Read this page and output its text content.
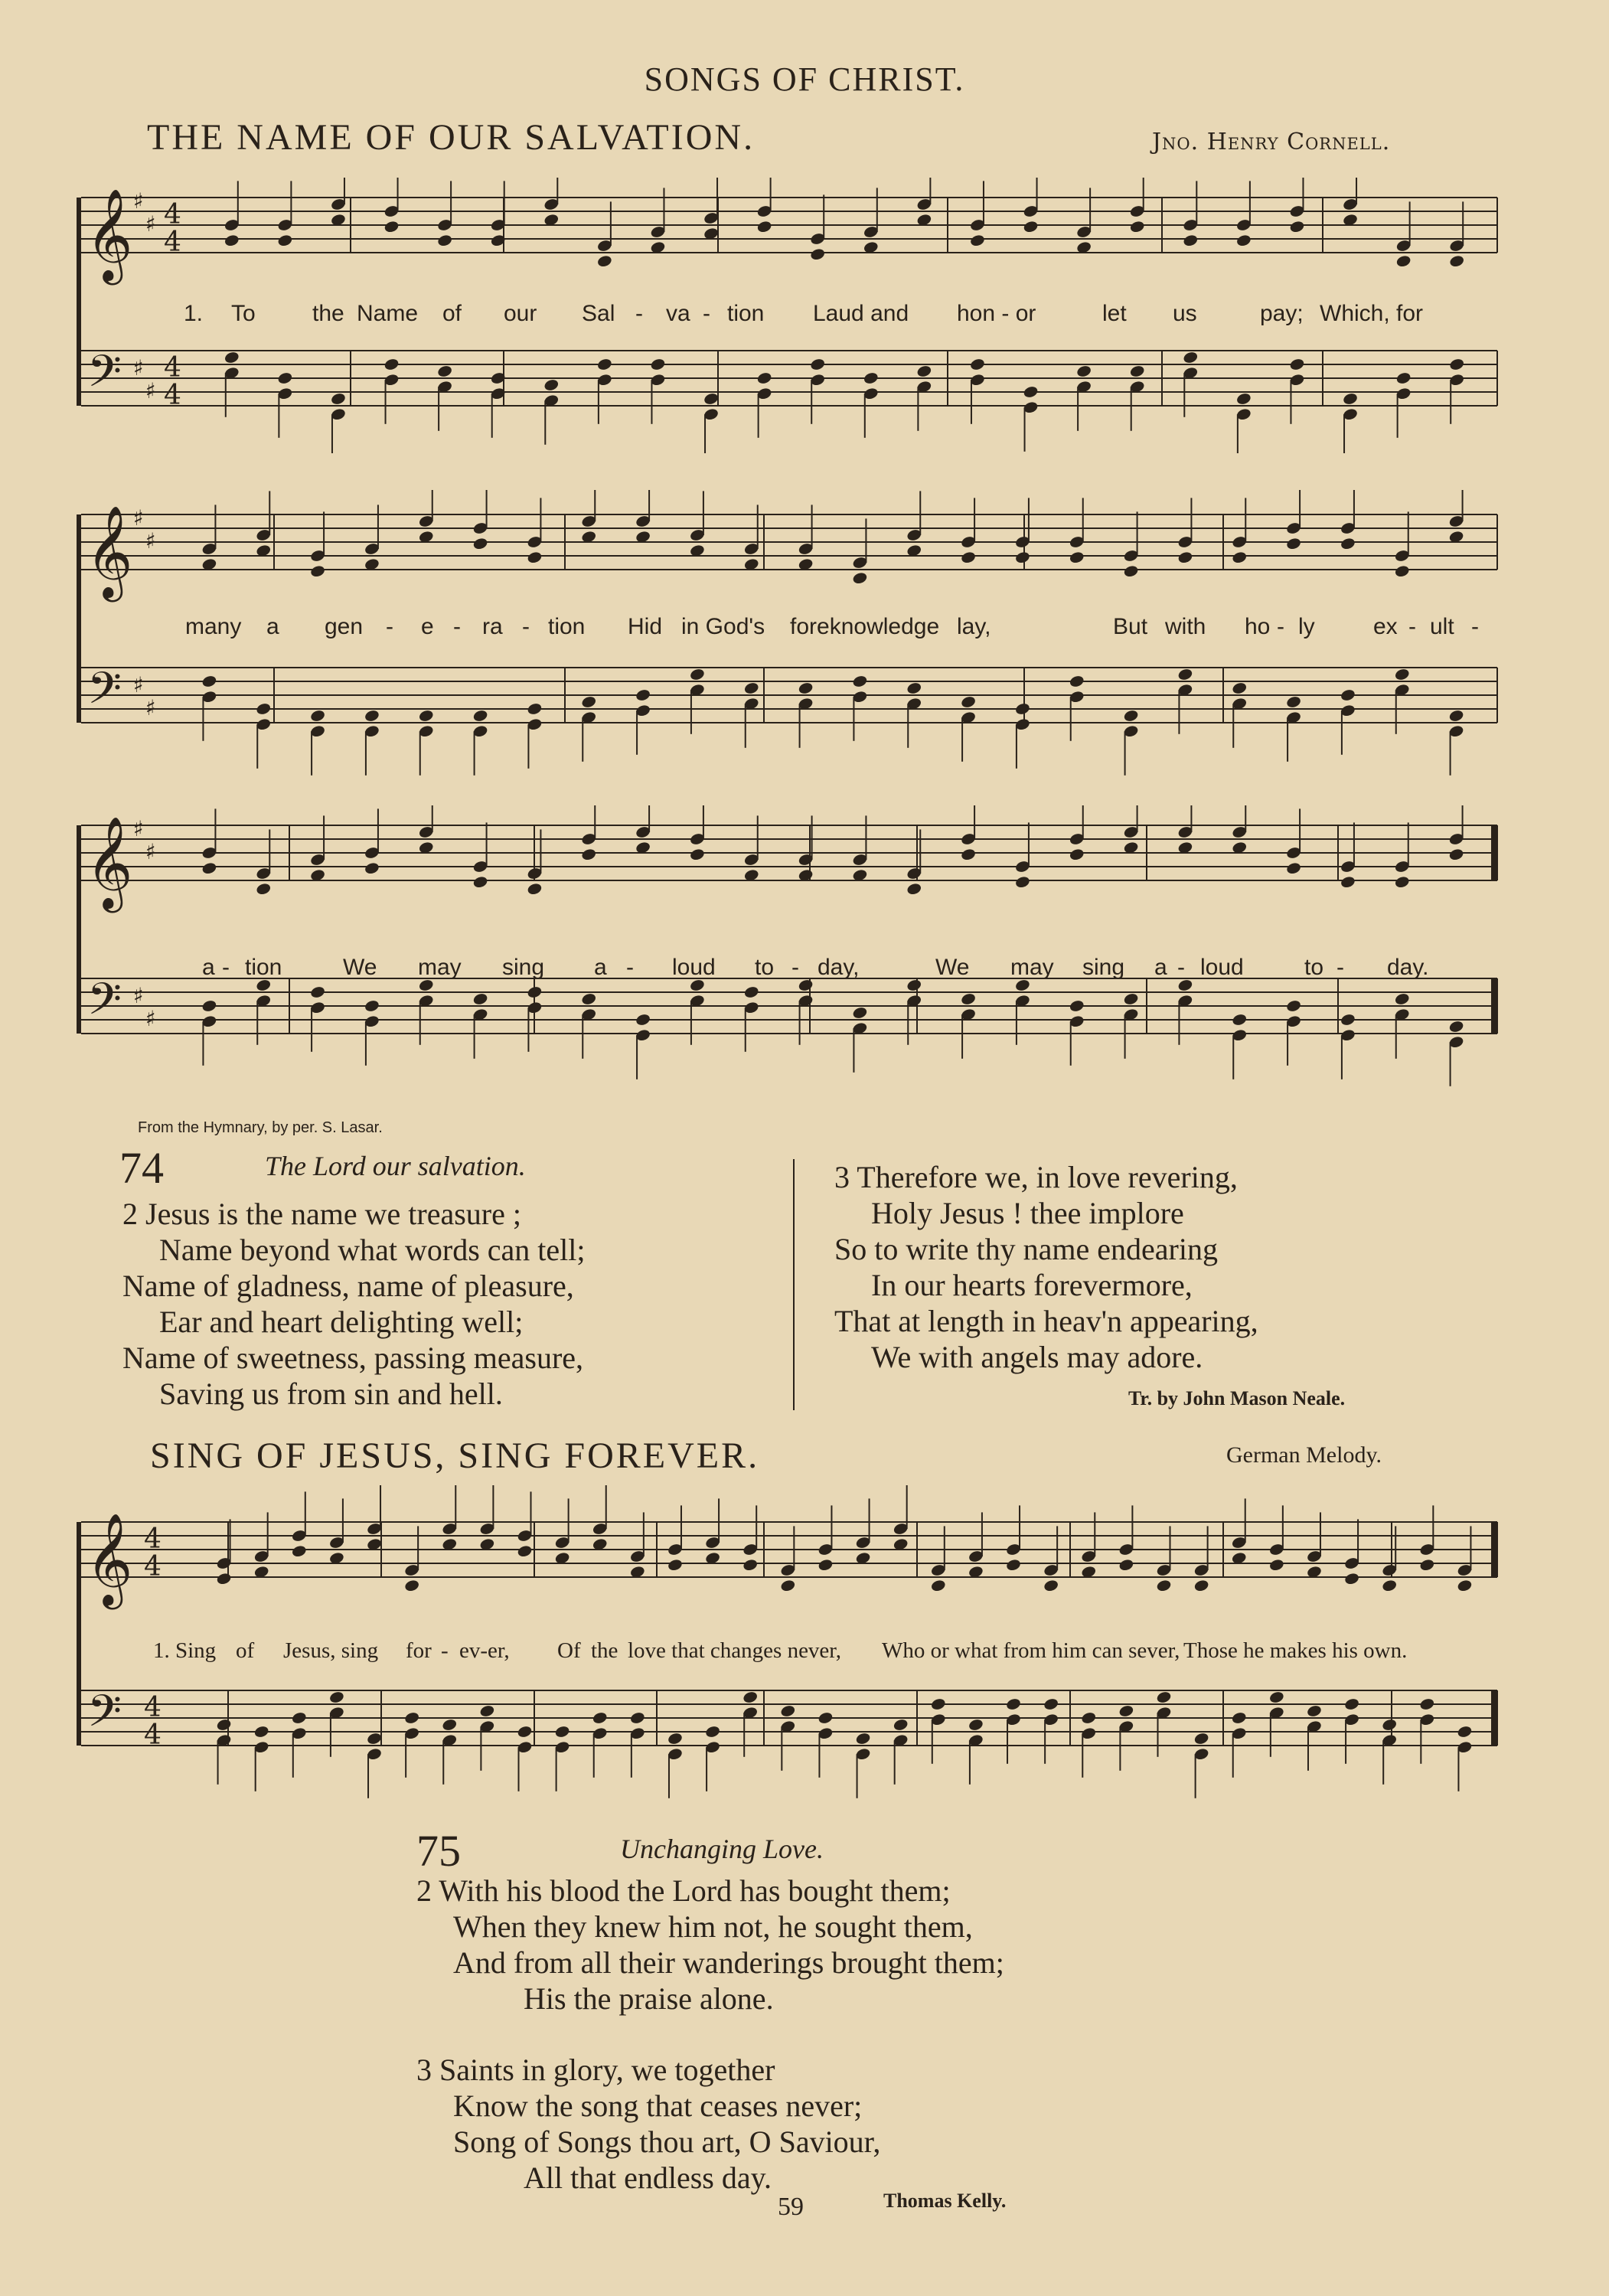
SONGS OF CHRIST.
THE NAME OF OUR SALVATION.	Jno. Henry Cornell.
𝄞
𝄢
♯
♯
♯
♯
4
4
4
4
1. To the Name of our Sal - va - tion Laud and hon - or	let us	pay; Which, for
𝄞
𝄢
♯
♯
♯
♯
many a gen - e - ra - tion Hid in God's foreknowledge lay,	But with ho - ly	ex - ult -
𝄞
𝄢
♯
♯
♯
♯
a - tion	We may sing a - loud to - day,	We may sing a - loud	to - day.
From the Hymnary, by per. S. Lasar.
74	The Lord our salvation.
2 Jesus is the name we treasure ;
Name beyond what words can tell;
Name of gladness, name of pleasure,
Ear and heart delighting well;
Name of sweetness, passing measure,
Saving us from sin and hell.
3 Therefore we, in love revering,
Holy Jesus ! thee implore
So to write thy name endearing
In our hearts forevermore,
That at length in heav'n appearing,
We with angels may adore.
Tr. by John Mason Neale.
SING OF JESUS, SING FOREVER.	German Melody.
𝄞
𝄢
4
4
4
4
1. Sing of Jesus, sing for - ev-er, Of the love that changes never, Who or what from him can sever, Those he makes his own.
75	Unchanging Love.
2 With his blood the Lord has bought them;
When they knew him not, he sought them,
And from all their wanderings brought them;
His the praise alone.
3 Saints in glory, we together
Know the song that ceases never;
Song of Songs thou art, O Saviour,
All that endless day.
59	Thomas Kelly.
